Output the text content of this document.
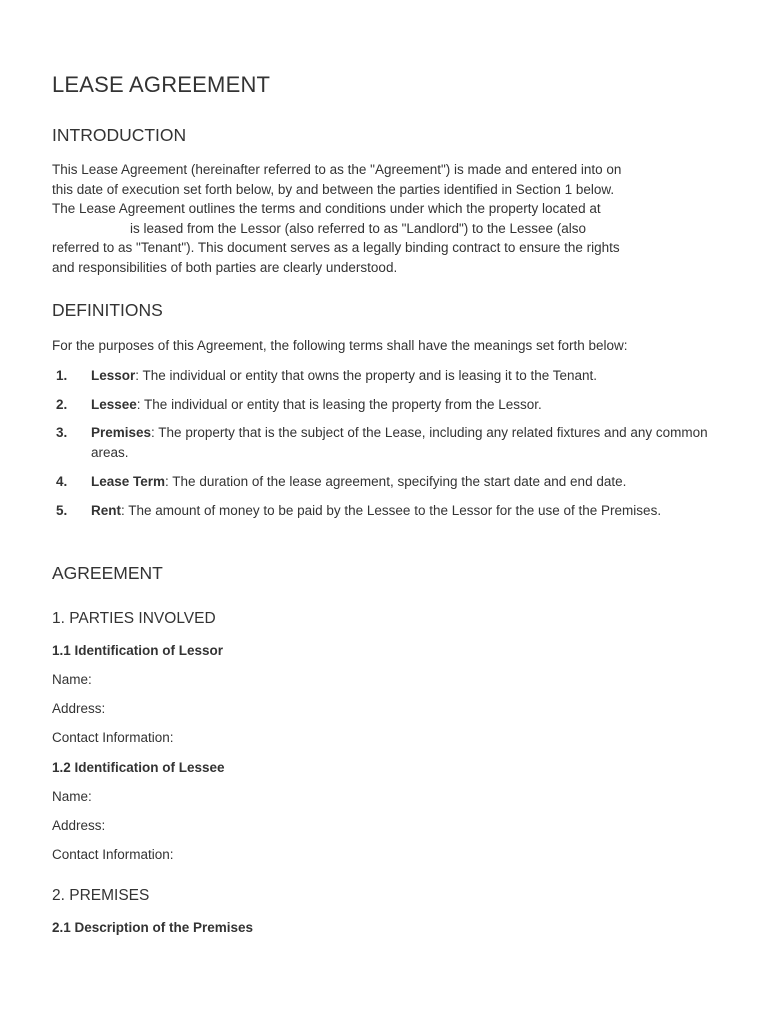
LEASE AGREEMENT
INTRODUCTION

This Lease Agreement (hereinafter referred to as the "Agreement") is made and entered into on
this date of execution set forth below, by and between the parties identified in Section 1 below.
The Lease Agreement outlines the terms and conditions under which the property located at
is leased from the Lessor (also referred to as "Landlord") to the Lessee (also
referred to as "Tenant"). This document serves as a legally binding contract to ensure the rights
and responsibilities of both parties are clearly understood.

DEFINITIONS

For the purposes of this Agreement, the following terms shall have the meanings set forth below:

1. Lessor: The individual or entity that owns the property and is leasing it to the Tenant.
2. Lessee: The individual or entity that is leasing the property from the Lessor.
3. Premises: The property that is the subject of the Lease, including any related fixtures and any common areas.
4. Lease Term: The duration of the lease agreement, specifying the start date and end date.
5. Rent: The amount of money to be paid by the Lessee to the Lessor for the use of the Premises.
AGREEMENT
1. PARTIES INVOLVED
1.1 Identification of Lessor

Name:

Address:

Contact Information:

1.2 Identification of Lessee

Name:

Address:

Contact Information:

2. PREMISES
2.1 Description of the Premises
